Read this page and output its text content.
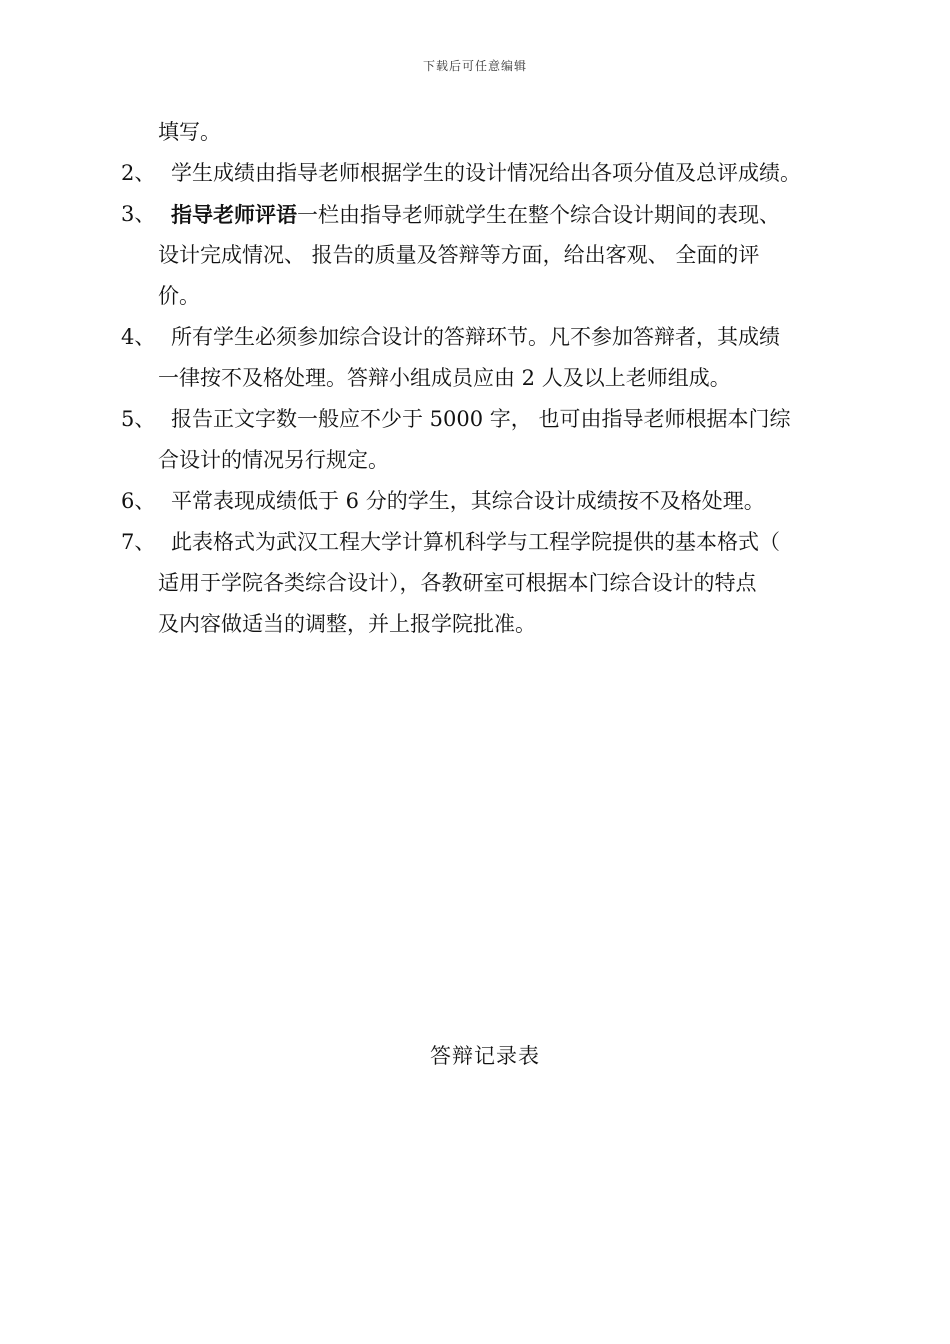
下载后可任意编辑
填写。
2、 学生成绩由指导老师根据学生的设计情况给出各项分值及总评成绩。
3、 指导老师评语一栏由指导老师就学生在整个综合设计期间的表现、
设计完成情况、 报告的质量及答辩等方面，给出客观、 全面的评
价。
4、 所有学生必须参加综合设计的答辩环节。凡不参加答辩者，其成绩
一律按不及格处理。答辩小组成员应由 2 人及以上老师组成。
5、 报告正文字数一般应不少于 5000 字， 也可由指导老师根据本门综
合设计的情况另行规定。
6、 平常表现成绩低于 6 分的学生，其综合设计成绩按不及格处理。
7、 此表格式为武汉工程大学计算机科学与工程学院提供的基本格式（
适用于学院各类综合设计），各教研室可根据本门综合设计的特点
及内容做适当的调整，并上报学院批准。
答辩记录表
